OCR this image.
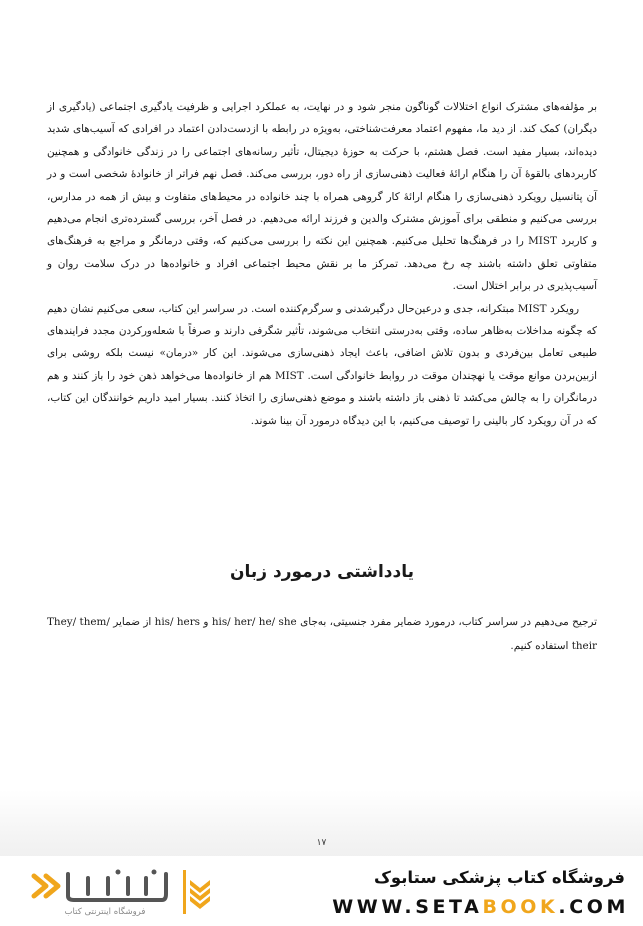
بر مؤلفه‌های مشترک انواع اختلالات گوناگون منجر شود و در نهایت، به عملکرد اجرایی و ظرفیت یادگیری اجتماعی (یادگیری از دیگران) کمک کند. از دید ما، مفهوم اعتماد معرفت‌شناختی، به‌ویژه در رابطه با ازدست‌دادن اعتماد در افرادی که آسیب‌های شدید دیده‌اند، بسیار مفید است. فصل هشتم، با حرکت به حوزهٔ دیجیتال، تأثیر رسانه‌های اجتماعی را در زندگی خانوادگی و همچنین کاربردهای بالقوهٔ آن را هنگام ارائهٔ فعالیت ذهنی‌سازی از راه دور، بررسی می‌کند. فصل نهم فراتر از خانوادهٔ شخصی است و در آن پتانسیل رویکرد ذهنی‌سازی را هنگام ارائهٔ کار گروهی همراه با چند خانواده در محیط‌های متفاوت و بیش از همه در مدارس، بررسی می‌کنیم و منطقی برای آموزش مشترک والدین و فرزند ارائه می‌دهیم. در فصل آخر، بررسی گسترده‌تری انجام می‌دهیم و کاربرد MIST را در فرهنگ‌ها تحلیل می‌کنیم. همچنین این نکته را بررسی می‌کنیم که، وقتی درمانگر و مراجع به فرهنگ‌های متفاوتی تعلق داشته باشند چه رخ می‌دهد. تمرکز ما بر نقش محیط اجتماعی افراد و خانواده‌ها در درک سلامت روان و آسیب‌پذیری در برابر اختلال است.

رویکرد MIST مبتکرانه، جدی و درعین‌حال درگیرشدنی و سرگرم‌کننده است. در سراسر این کتاب، سعی می‌کنیم نشان دهیم که چگونه مداخلات به‌ظاهر ساده، وقتی به‌درستی انتخاب می‌شوند، تأثیر شگرفی دارند و صرفاً با شعله‌ورکردن مجدد فرایندهای طبیعی تعامل بین‌فردی و بدون تلاش اضافی، باعث ایجاد ذهنی‌سازی می‌شوند. این کار «درمان» نیست بلکه روشی برای ازبین‌بردن موانع موقت یا نهچندان موقت در روابط خانوادگی است. MIST هم از خانواده‌ها می‌خواهد ذهن خود را باز کنند و هم درمانگران را به چالش می‌کشد تا ذهنی باز داشته باشند و موضع ذهنی‌سازی را اتخاذ کنند. بسیار امید داریم خوانندگان این کتاب، که در آن رویکرد کار بالینی را توصیف می‌کنیم، با این دیدگاه درمورد آن بینا شوند.

یادداشتی درمورد زبان

ترجیح می‌دهیم در سراسر کتاب، درمورد ضمایر مفرد جنسیتی، به‌جای his/ her/ he/ she و his/ hers از ضمایر They/ them/ their استفاده کنیم.

۱۷
فروشگاه کتاب پزشکی ستابوک
WWW.SETABOOK.COM
فروشگاه اینترنتی کتاب
